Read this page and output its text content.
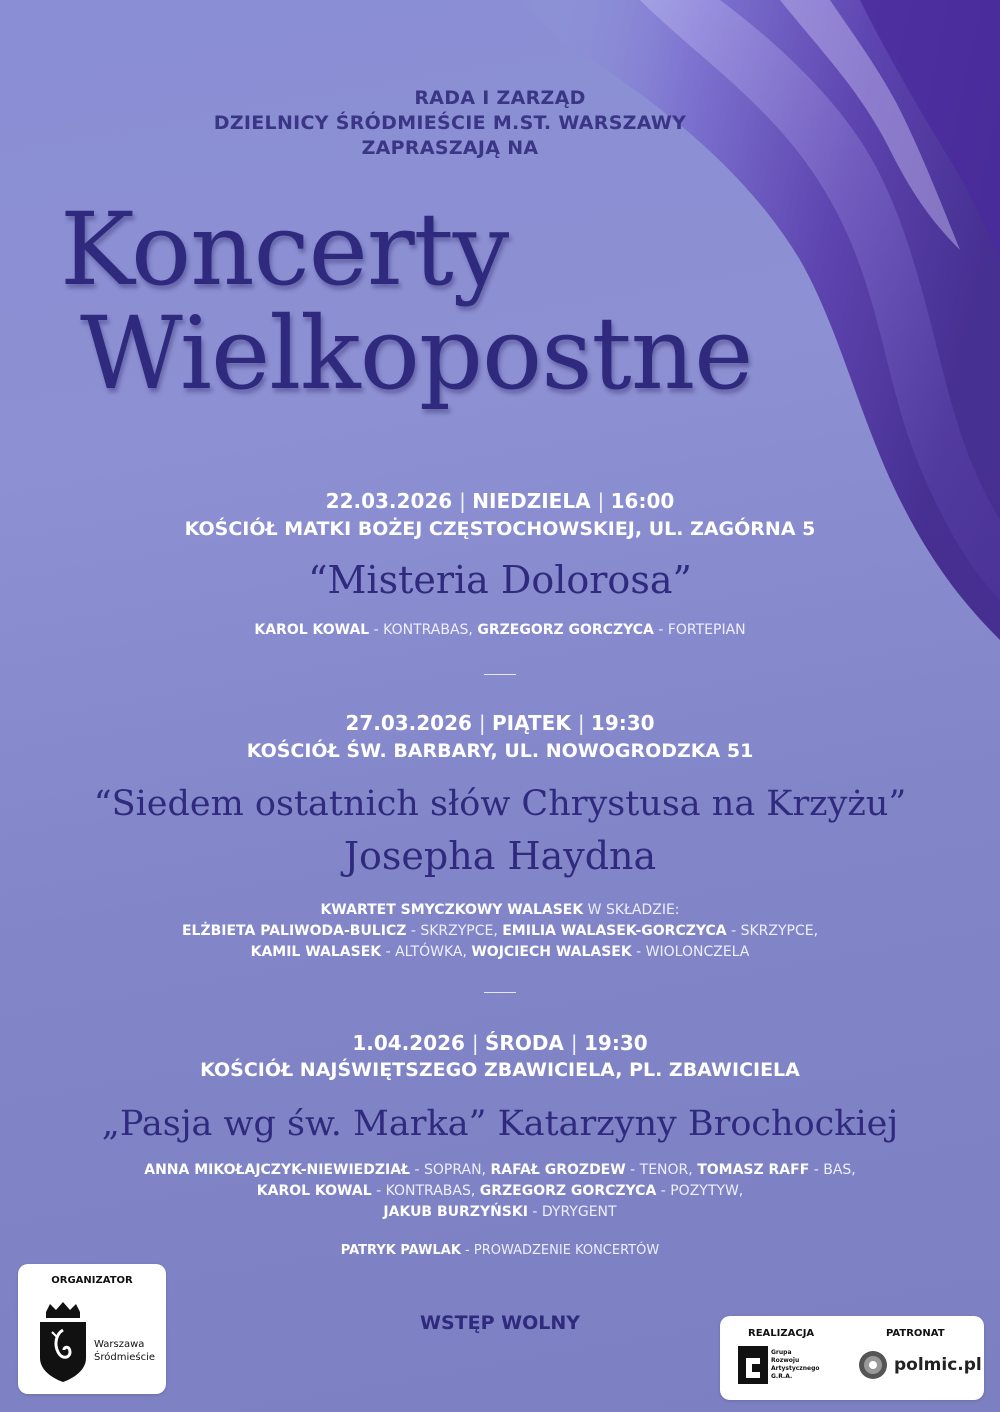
RADA I ZARZĄD
DZIELNICY ŚRÓDMIEŚCIE M.ST. WARSZAWY
ZAPRASZAJĄ NA
Koncerty
Wielkopostne
22.03.2026 | NIEDZIELA | 16:00
KOŚCIÓŁ MATKI BOŻEJ CZĘSTOCHOWSKIEJ, UL. ZAGÓRNA 5
“Misteria Dolorosa”
KAROL KOWAL - KONTRABAS, GRZEGORZ GORCZYCA - FORTEPIAN
27.03.2026 | PIĄTEK | 19:30
KOŚCIÓŁ ŚW. BARBARY, UL. NOWOGRODZKA 51
“Siedem ostatnich słów Chrystusa na Krzyżu”
Josepha Haydna
KWARTET SMYCZKOWY WALASEK W SKŁADZIE:
ELŻBIETA PALIWODA-BULICZ - SKRZYPCE, EMILIA WALASEK-GORCZYCA - SKRZYPCE,
KAMIL WALASEK - ALTÓWKA, WOJCIECH WALASEK - WIOLONCZELA
1.04.2026 | ŚRODA | 19:30
KOŚCIÓŁ NAJŚWIĘTSZEGO ZBAWICIELA, PL. ZBAWICIELA
„Pasja wg św. Marka” Katarzyny Brochockiej
ANNA MIKOŁAJCZYK-NIEWIEDZIAŁ - SOPRAN, RAFAŁ GROZDEW - TENOR, TOMASZ RAFF - BAS,
KAROL KOWAL - KONTRABAS, GRZEGORZ GORCZYCA - POZYTYW,
JAKUB BURZYŃSKI - DYRYGENT
PATRYK PAWLAK - PROWADZENIE KONCERTÓW
WSTĘP WOLNY
ORGANIZATOR
Warszawa
Śródmieście
REALIZACJA	PATRONAT
Grupa
Rozwoju
Artystycznego
G.R.A.
polmic.pl
